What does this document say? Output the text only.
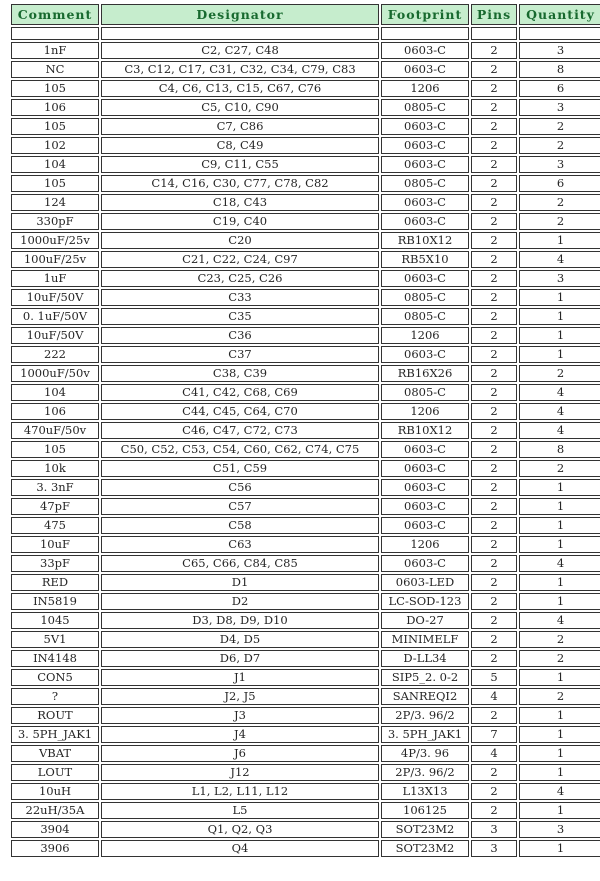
Comment	Designator	Footprint	Pins	Quantity

1nF	C2, C27, C48	0603-C	2	3
NC	C3, C12, C17, C31, C32, C34, C79, C83	0603-C	2	8
105	C4, C6, C13, C15, C67, C76	1206	2	6
106	C5, C10, C90	0805-C	2	3
105	C7, C86	0603-C	2	2
102	C8, C49	0603-C	2	2
104	C9, C11, C55	0603-C	2	3
105	C14, C16, C30, C77, C78, C82	0805-C	2	6
124	C18, C43	0603-C	2	2
330pF	C19, C40	0603-C	2	2
1000uF/25v	C20	RB10X12	2	1
100uF/25v	C21, C22, C24, C97	RB5X10	2	4
1uF	C23, C25, C26	0603-C	2	3
10uF/50V	C33	0805-C	2	1
0. 1uF/50V	C35	0805-C	2	1
10uF/50V	C36	1206	2	1
222	C37	0603-C	2	1
1000uF/50v	C38, C39	RB16X26	2	2
104	C41, C42, C68, C69	0805-C	2	4
106	C44, C45, C64, C70	1206	2	4
470uF/50v	C46, C47, C72, C73	RB10X12	2	4
105	C50, C52, C53, C54, C60, C62, C74, C75	0603-C	2	8
10k	C51, C59	0603-C	2	2
3. 3nF	C56	0603-C	2	1
47pF	C57	0603-C	2	1
475	C58	0603-C	2	1
10uF	C63	1206	2	1
33pF	C65, C66, C84, C85	0603-C	2	4
RED	D1	0603-LED	2	1
IN5819	D2	LC-SOD-123	2	1
1045	D3, D8, D9, D10	DO-27	2	4
5V1	D4, D5	MINIMELF	2	2
IN4148	D6, D7	D-LL34	2	2
CON5	J1	SIP5_2. 0-2	5	1
?	J2, J5	SANREQI2	4	2
ROUT	J3	2P/3. 96/2	2	1
3. 5PH_JAK1	J4	3. 5PH_JAK1	7	1
VBAT	J6	4P/3. 96	4	1
LOUT	J12	2P/3. 96/2	2	1
10uH	L1, L2, L11, L12	L13X13	2	4
22uH/35A	L5	106125	2	1
3904	Q1, Q2, Q3	SOT23M2	3	3
3906	Q4	SOT23M2	3	1
